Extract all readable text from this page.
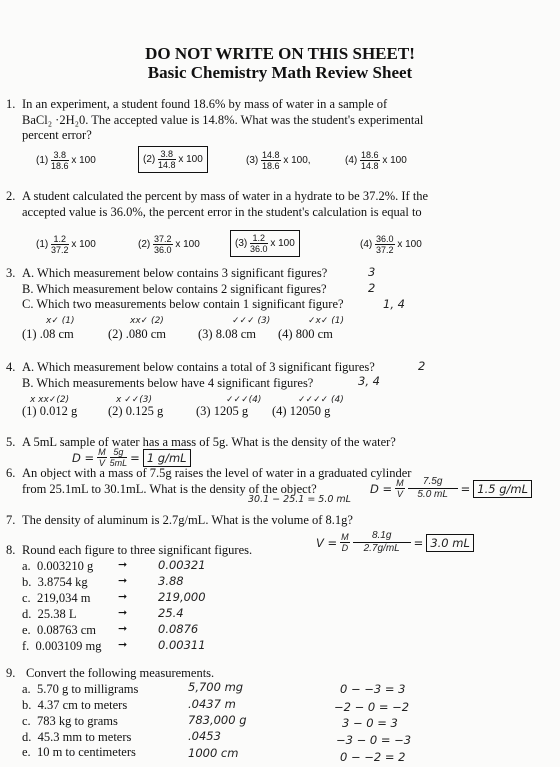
DO NOT WRITE ON THIS SHEET!
Basic Chemistry Math Review Sheet
1. In an experiment, a student found 18.6% by mass of water in a sample of
BaCl₂ ·2H₂0. The accepted value is 14.8%. What was the student's experimental
percent error?
$(1) \frac{3.8}{18.6}$ x 100	$(2) \frac{3.8}{14.8}$ x 100	$(3) \frac{14.8}{18.6}$ x 100,	$(4) \frac{18.6}{14.8}$ x 100
2. A student calculated the percent by mass of water in a hydrate to be 37.2%. If the
accepted value is 36.0%, the percent error in the student's calculation is equal to
$(1) \frac{1.2}{37.2}$ x 100	$(2) \frac{37.2}{36.0}$ x 100	$(3) \frac{1.2}{36.0}$ x 100	$(4) \frac{36.0}{37.2}$ x 100
3. A. Which measurement below contains 3 significant figures?	3
B. Which measurement below contains 2 significant figures?	2
C. Which two measurements below contain 1 significant figure?	1, 4
x✓ (1)	xx✓ (2)	✓✓✓ (3)	✓x✓ (1)
(1) .08 cm	(2) .080 cm	(3) 8.08 cm (4) 800 cm
4. A. Which measurement below contains a total of 3 significant figures?	2
B. Which measurements below have 4 significant figures?	3, 4
x xx✓(2)	x ✓✓(3)	✓✓✓(4)	✓✓✓✓ (4)
(1) 0.012 g (2) 0.125 g	(3) 1205 g (4) 12050 g
5. A 5mL sample of water has a mass of 5g. What is the density of the water?
$D = \frac{M}{V} \frac{5g}{5mL} = 1$ g/mL
6. An object with a mass of 7.5g raises the level of water in a graduated cylinder
from 25.1mL to 30.1mL. What is the density of the object?
30.1 − 25.1 = 5.0 mL
$D = \frac{M}{V} \frac{7.5g}{5.0 mL} = 1.5$ g/mL
7. The density of aluminum is 2.7g/mL. What is the volume of 8.1g?
$V = \frac{M}{D} \frac{8.1g}{2.7g/mL} = 3.0$ mL
8. Round each figure to three significant figures.
a. 0.003210 g ➞	0.00321
b. 3.8754 kg	➞	3.88
c. 219,034 m	➞	219,000
d. 25.38 L	➞	25.4
e. 0.08763 cm ➞	0.0876
f. 0.003109 mg ➞	0.00311
9. Convert the following measurements.
a. 5.70 g to milligrams	5,700 mg	0 − −3 = 3
b. 4.37 cm to meters	.0437 m	−2 − 0 = −2
c. 783 kg to grams	783,000 g	3 − 0 = 3
d. 45.3 mm to meters	.0453	−3 − 0 = −3
e. 10 m to centimeters	1000 cm	0 − −2 = 2
